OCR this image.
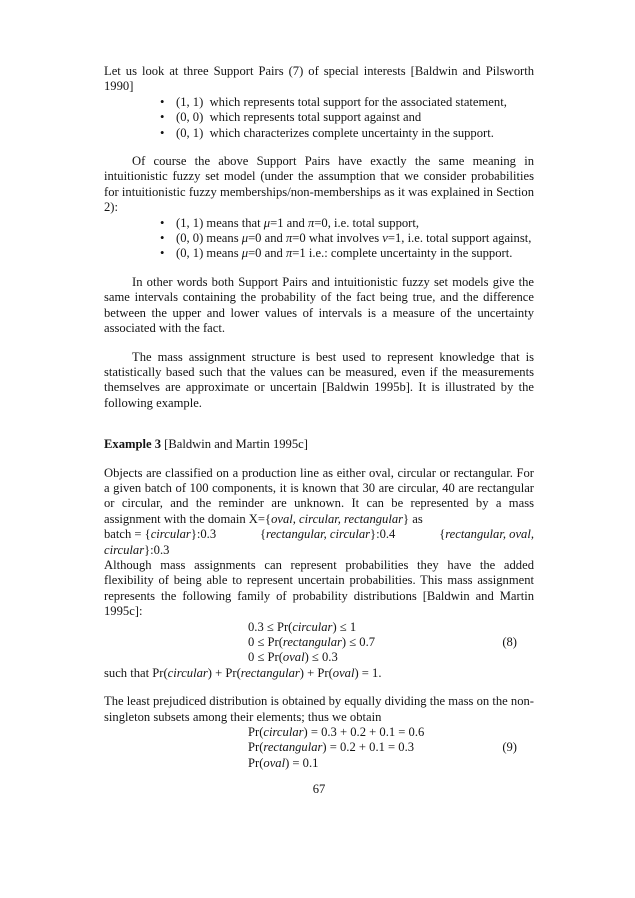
Let us look at three Support Pairs (7) of special interests [Baldwin and Pilsworth 1990]

• (1, 1)  which represents total support for the associated statement,
• (0, 0)  which represents total support against and
• (0, 1)  which characterizes complete uncertainty in the support.

Of course the above Support Pairs have exactly the same meaning in intuitionistic fuzzy set model (under the assumption that we consider probabilities for intuitionistic fuzzy memberships/non-memberships as it was explained in Section 2):

• (1, 1) means that μ=1 and π=0, i.e. total support,
• (0, 0) means μ=0 and π=0 what involves ν=1, i.e. total support against,
• (0, 1) means μ=0 and π=1 i.e.: complete uncertainty in the support.

In other words both Support Pairs and intuitionistic fuzzy set models give the same intervals containing the probability of the fact being true, and the difference between the upper and lower values of intervals is a measure of the uncertainty associated with the fact.

The mass assignment structure is best used to represent knowledge that is statistically based such that the values can be measured, even if the measurements themselves are approximate or uncertain [Baldwin 1995b]. It is illustrated by the following example.

Example 3 [Baldwin and Martin 1995c]

Objects are classified on a production line as either oval, circular or rectangular. For a given batch of 100 components, it is known that 30 are circular, 40 are rectangular or circular, and the reminder are unknown. It can be represented by a mass assignment with the domain X={oval, circular, rectangular} as

batch = {circular}:0.3	{rectangular, circular}:0.4	{rectangular, oval,
circular}:0.3

Although mass assignments can represent probabilities they have the added flexibility of being able to represent uncertain probabilities. This mass assignment represents the following family of probability distributions [Baldwin and Martin 1995c]:

0.3 ≤ Pr(circular) ≤ 1
0 ≤ Pr(rectangular) ≤ 0.7
0 ≤ Pr(oval) ≤ 0.3
(8)

such that Pr(circular) + Pr(rectangular) + Pr(oval) = 1.

The least prejudiced distribution is obtained by equally dividing the mass on the non-singleton subsets among their elements; thus we obtain

Pr(circular) = 0.3 + 0.2 + 0.1 = 0.6
Pr(rectangular) = 0.2 + 0.1 = 0.3
Pr(oval) = 0.1
(9)
67
